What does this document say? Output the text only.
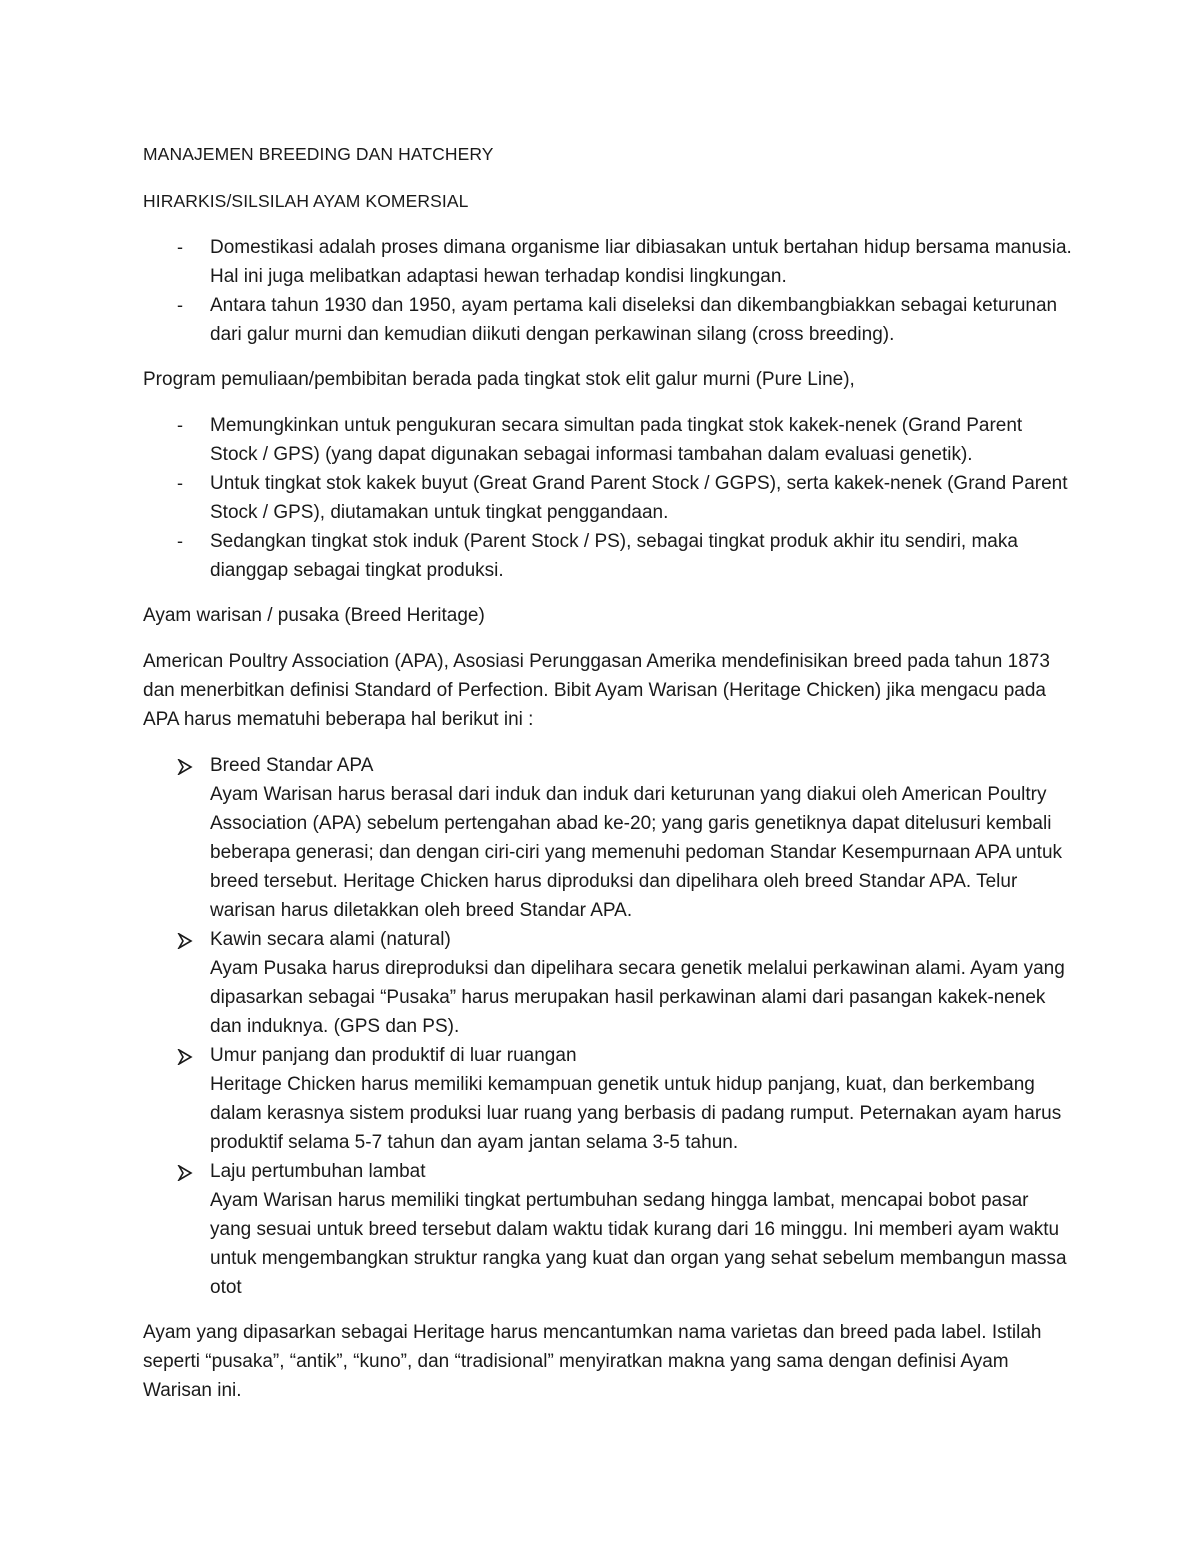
MANAJEMEN BREEDING DAN HATCHERY
HIRARKIS/SILSILAH AYAM KOMERSIAL
-	Domestikasi adalah proses dimana organisme liar dibiasakan untuk bertahan hidup bersama manusia. Hal ini juga melibatkan adaptasi hewan terhadap kondisi lingkungan.
-	Antara tahun 1930 dan 1950, ayam pertama kali diseleksi dan dikembangbiakkan sebagai keturunan dari galur murni dan kemudian diikuti dengan perkawinan silang (cross breeding).

Program pemuliaan/pembibitan berada pada tingkat stok elit galur murni (Pure Line),

-	Memungkinkan untuk pengukuran secara simultan pada tingkat stok kakek-nenek (Grand Parent Stock / GPS) (yang dapat digunakan sebagai informasi tambahan dalam evaluasi genetik).
-	Untuk tingkat stok kakek buyut (Great Grand Parent Stock / GGPS), serta kakek-nenek (Grand Parent Stock / GPS), diutamakan untuk tingkat penggandaan.
-	Sedangkan tingkat stok induk (Parent Stock / PS), sebagai tingkat produk akhir itu sendiri, maka dianggap sebagai tingkat produksi.

Ayam warisan / pusaka (Breed Heritage)

American Poultry Association (APA), Asosiasi Perunggasan Amerika mendefinisikan breed pada tahun 1873 dan menerbitkan definisi Standard of Perfection. Bibit Ayam Warisan (Heritage Chicken) jika mengacu pada APA harus mematuhi beberapa hal berikut ini :

Breed Standar APA
Ayam Warisan harus berasal dari induk dan induk dari keturunan yang diakui oleh American Poultry Association (APA) sebelum pertengahan abad ke-20; yang garis genetiknya dapat ditelusuri kembali beberapa generasi; dan dengan ciri-ciri yang memenuhi pedoman Standar Kesempurnaan APA untuk breed tersebut. Heritage Chicken harus diproduksi dan dipelihara oleh breed Standar APA. Telur warisan harus diletakkan oleh breed Standar APA.
Kawin secara alami (natural)
Ayam Pusaka harus direproduksi dan dipelihara secara genetik melalui perkawinan alami. Ayam yang dipasarkan sebagai “Pusaka” harus merupakan hasil perkawinan alami dari pasangan kakek-nenek dan induknya. (GPS dan PS).
Umur panjang dan produktif di luar ruangan
Heritage Chicken harus memiliki kemampuan genetik untuk hidup panjang, kuat, dan berkembang dalam kerasnya sistem produksi luar ruang yang berbasis di padang rumput. Peternakan ayam harus produktif selama 5-7 tahun dan ayam jantan selama 3-5 tahun.
Laju pertumbuhan lambat
Ayam Warisan harus memiliki tingkat pertumbuhan sedang hingga lambat, mencapai bobot pasar yang sesuai untuk breed tersebut dalam waktu tidak kurang dari 16 minggu. Ini memberi ayam waktu untuk mengembangkan struktur rangka yang kuat dan organ yang sehat sebelum membangun massa otot

Ayam yang dipasarkan sebagai Heritage harus mencantumkan nama varietas dan breed pada label. Istilah seperti “pusaka”, “antik”, “kuno”, dan “tradisional” menyiratkan makna yang sama dengan definisi Ayam Warisan ini.
